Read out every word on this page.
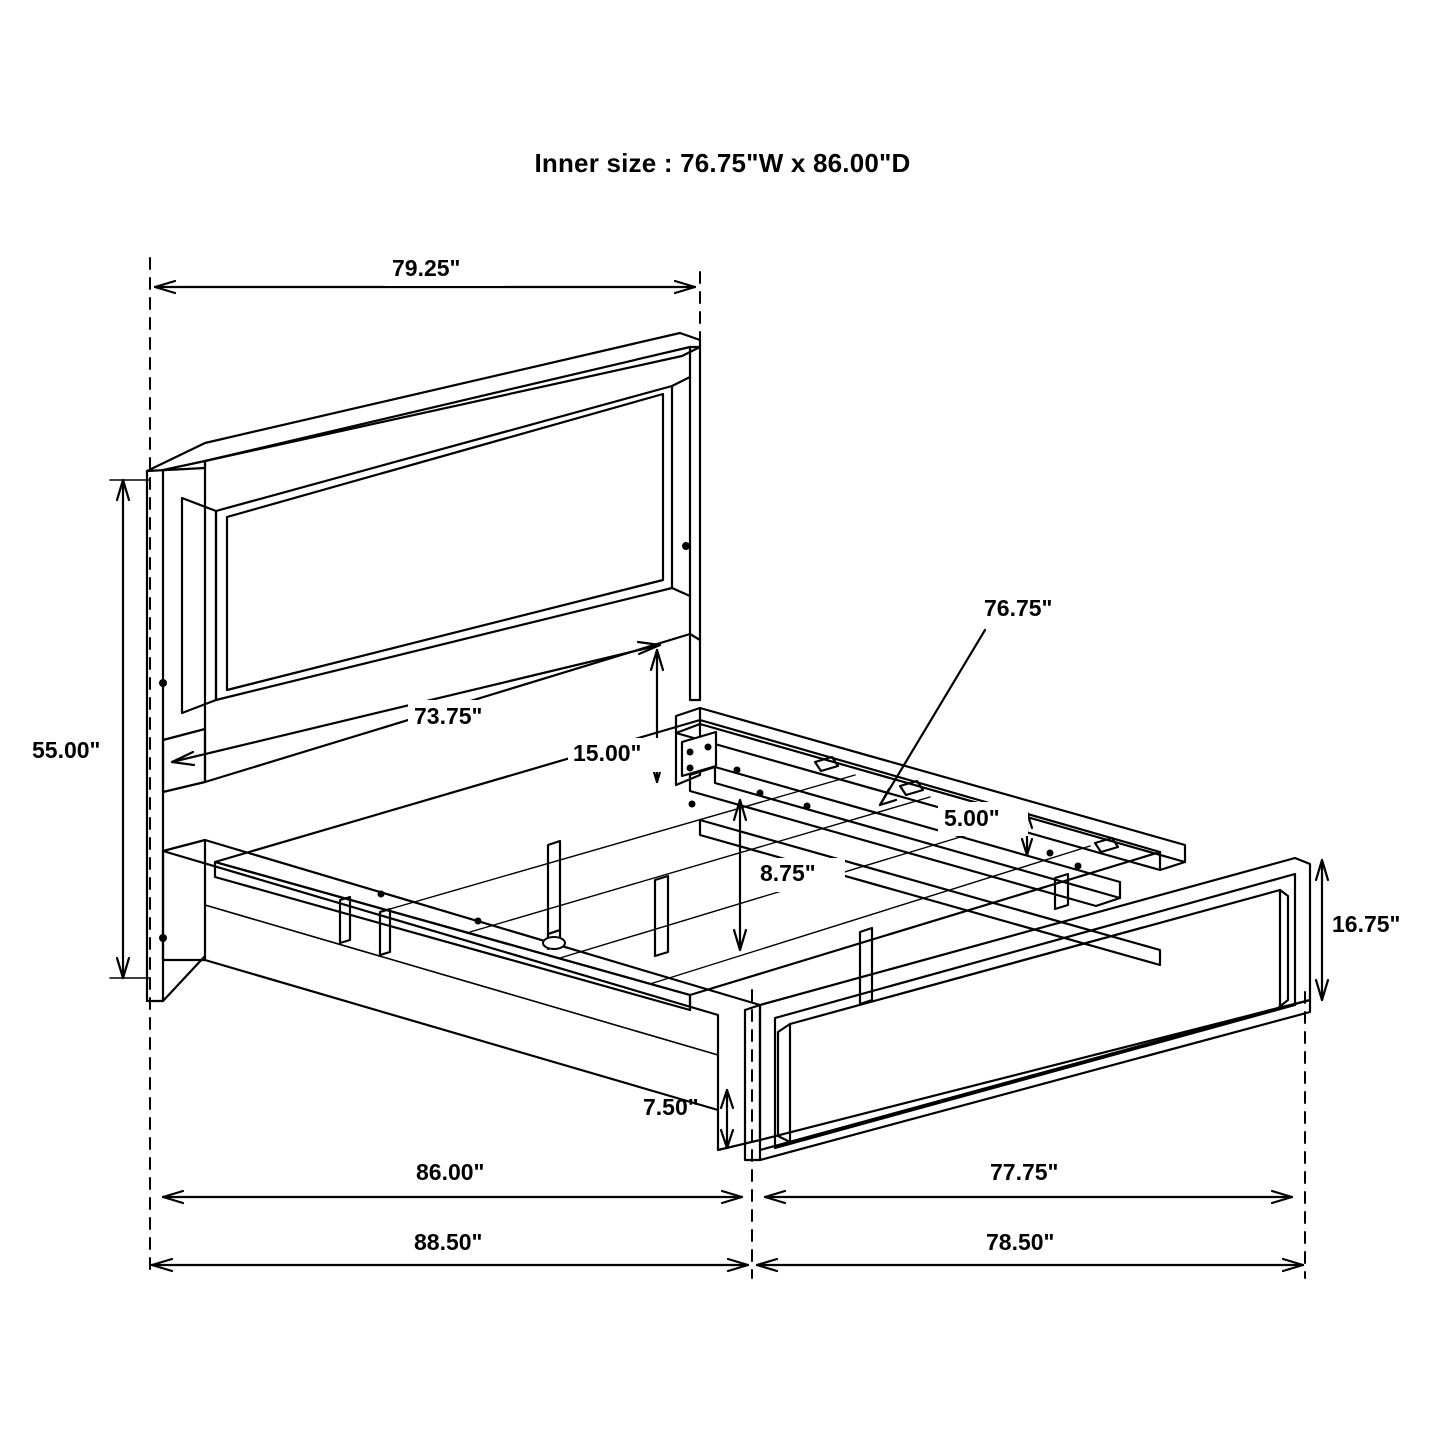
Inner size : 76.75"W x 86.00"D
79.25"
55.00"
73.75"
15.00"
76.75"
5.00"
8.75"
16.75"
7.50"
86.00"	77.75"
88.50"	78.50"
